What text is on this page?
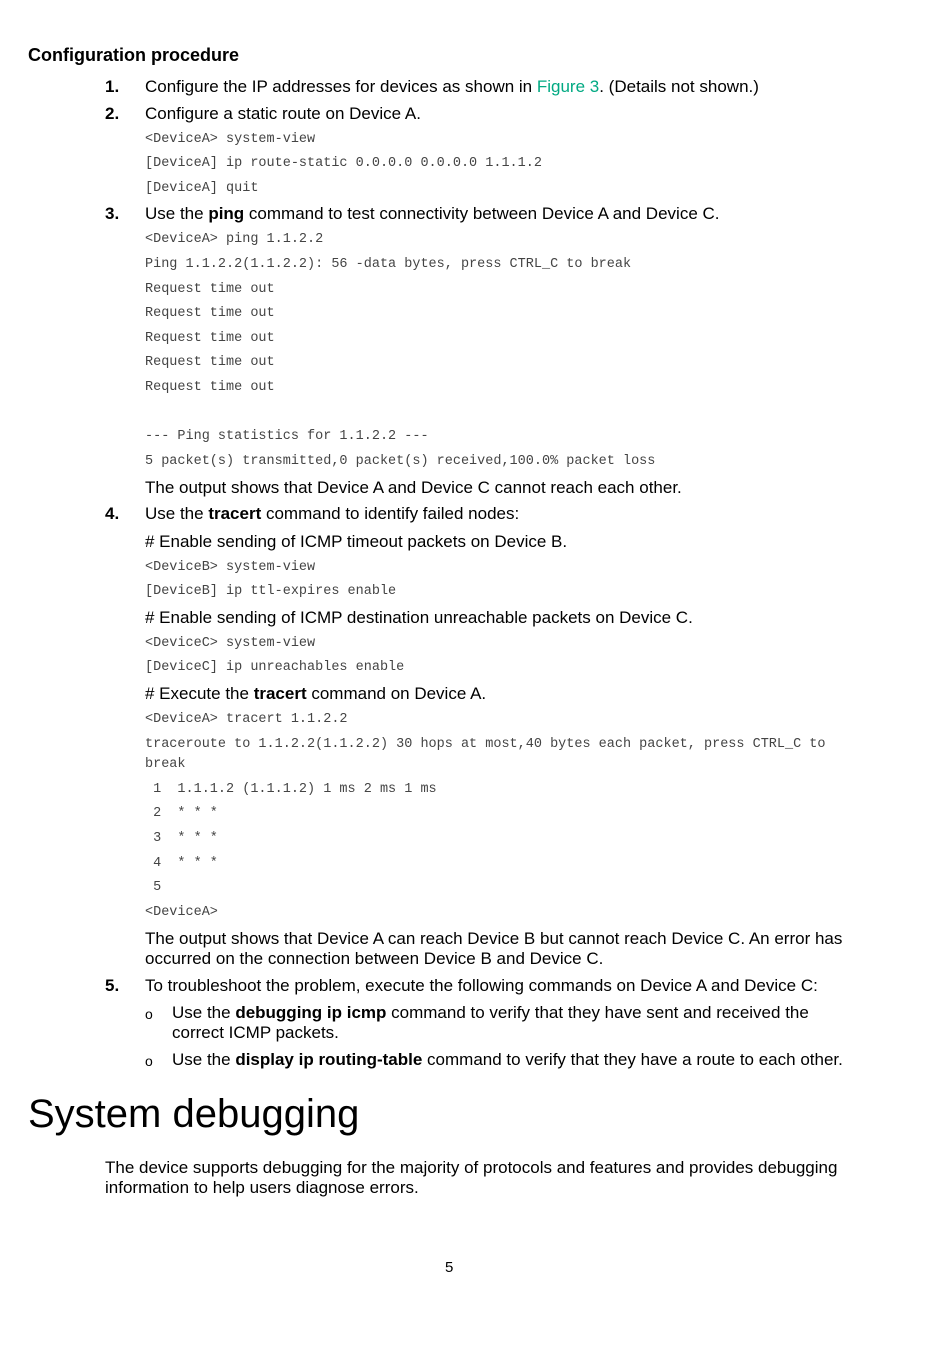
Configuration procedure
1. Configure the IP addresses for devices as shown in Figure 3. (Details not shown.)
2. Configure a static route on Device A.
<DeviceA> system-view
[DeviceA] ip route-static 0.0.0.0 0.0.0.0 1.1.1.2
[DeviceA] quit
3. Use the ping command to test connectivity between Device A and Device C.
<DeviceA> ping 1.1.2.2
Ping 1.1.2.2(1.1.2.2): 56 -data bytes, press CTRL_C to break
Request time out
Request time out
Request time out
Request time out
Request time out
--- Ping statistics for 1.1.2.2 ---
5 packet(s) transmitted,0 packet(s) received,100.0% packet loss
The output shows that Device A and Device C cannot reach each other.
4. Use the tracert command to identify failed nodes:
# Enable sending of ICMP timeout packets on Device B.
<DeviceB> system-view
[DeviceB] ip ttl-expires enable
# Enable sending of ICMP destination unreachable packets on Device C.
<DeviceC> system-view
[DeviceC] ip unreachables enable
# Execute the tracert command on Device A.
<DeviceA> tracert 1.1.2.2
traceroute to 1.1.2.2(1.1.2.2) 30 hops at most,40 bytes each packet, press CTRL_C to
break
1  1.1.1.2 (1.1.1.2) 1 ms 2 ms 1 ms
2  * * *
3  * * *
4  * * *
5
<DeviceA>
The output shows that Device A can reach Device B but cannot reach Device C. An error has occurred on the connection between Device B and Device C.
5. To troubleshoot the problem, execute the following commands on Device A and Device C:
o Use the debugging ip icmp command to verify that they have sent and received the correct ICMP packets.
o Use the display ip routing-table command to verify that they have a route to each other.
System debugging
The device supports debugging for the majority of protocols and features and provides debugging information to help users diagnose errors.
5
